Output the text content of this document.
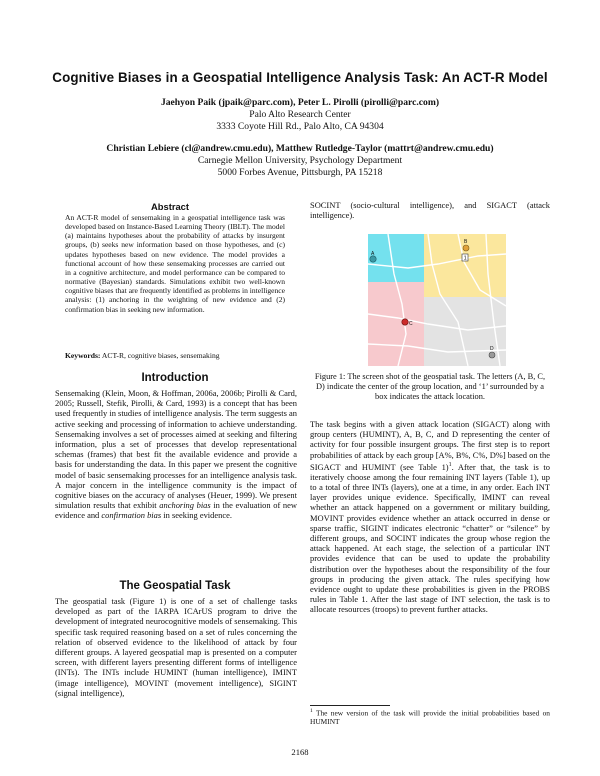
Cognitive Biases in a Geospatial Intelligence Analysis Task: An ACT-R Model
Jaehyon Paik (jpaik@parc.com), Peter L. Pirolli (pirolli@parc.com)
Palo Alto Research Center
3333 Coyote Hill Rd., Palo Alto, CA 94304
Christian Lebiere (cl@andrew.cmu.edu), Matthew Rutledge-Taylor (mattrt@andrew.cmu.edu)
Carnegie Mellon University, Psychology Department
5000 Forbes Avenue, Pittsburgh, PA 15218
Abstract
An ACT-R model of sensemaking in a geospatial intelligence task was developed based on Instance-Based Learning Theory (IBLT). The model (a) maintains hypotheses about the probability of attacks by insurgent groups, (b) seeks new information based on those hypotheses, and (c) updates hypotheses based on new evidence. The model provides a functional account of how these sensemaking processes are carried out in a cognitive architecture, and model performance can be compared to normative (Bayesian) standards. Simulations exhibit two well-known cognitive biases that are frequently identified as problems in intelligence analysis: (1) anchoring in the weighting of new evidence and (2) confirmation bias in seeking new information.
Keywords: ACT-R, cognitive biases, sensemaking
Introduction

Sensemaking (Klein, Moon, & Hoffman, 2006a, 2006b; Pirolli & Card, 2005; Russell, Stefik, Pirolli, & Card, 1993) is a concept that has been used frequently in studies of intelligence analysis. The term suggests an active seeking and processing of information to achieve understanding. Sensemaking involves a set of processes aimed at seeking and filtering information, plus a set of processes that develop representational schemas (frames) that best fit the available evidence and provide a basis for understanding the data. In this paper we present the cognitive model of basic sensemaking processes for an intelligence analysis task. A major concern in the intelligence community is the impact of cognitive biases on the accuracy of analyses (Heuer, 1999). We present simulation results that exhibit anchoring bias in the evaluation of new evidence and confirmation bias in seeking evidence.

The Geospatial Task
The geospatial task (Figure 1) is one of a set of challenge tasks developed as part of the IARPA ICArUS program to drive the development of integrated neurocognitive models of sensemaking. This specific task required reasoning based on a set of rules concerning the relation of observed evidence to the likelihood of attack by four different groups. A layered geospatial map is presented on a computer screen, with different layers presenting different forms of intelligence (INTs). The INTs include HUMINT (human intelligence), IMINT (image intelligence), MOVINT (movement intelligence), SIGINT (signal intelligence),
SOCINT (socio-cultural intelligence), and SIGACT (attack intelligence).
A
B
C
D
1
Figure 1: The screen shot of the geospatial task. The letters (A, B, C, D) indicate the center of the group location, and ‘1’ surrounded by a box indicates the attack location.

The task begins with a given attack location (SIGACT) along with group centers (HUMINT), A, B, C, and D representing the center of activity for four possible insurgent groups. The first step is to report probabilities of attack by each group [A%, B%, C%, D%] based on the SIGACT and HUMINT (see Table 1)$^1$. After that, the task is to iteratively choose among the four remaining INT layers (Table 1), up to a total of three INTs (layers), one at a time, in any order. Each INT layer provides unique evidence. Specifically, IMINT can reveal whether an attack happened on a government or military building, MOVINT provides evidence whether an attack occurred in dense or sparse traffic, SIGINT indicates electronic “chatter” or “silence” by different groups, and SOCINT indicates the group whose region the attack happened. At each stage, the selection of a particular INT provides evidence that can be used to update the probability distribution over the hypotheses about the responsibility of the four groups in producing the given attack. The rules specifying how evidence ought to update these probabilities is given in the PROBS rules in Table 1. After the last stage of INT selection, the task is to allocate resources (troops) to prevent further attacks.

$^1$ The new version of the task will provide the initial probabilities based on HUMINT
2168
